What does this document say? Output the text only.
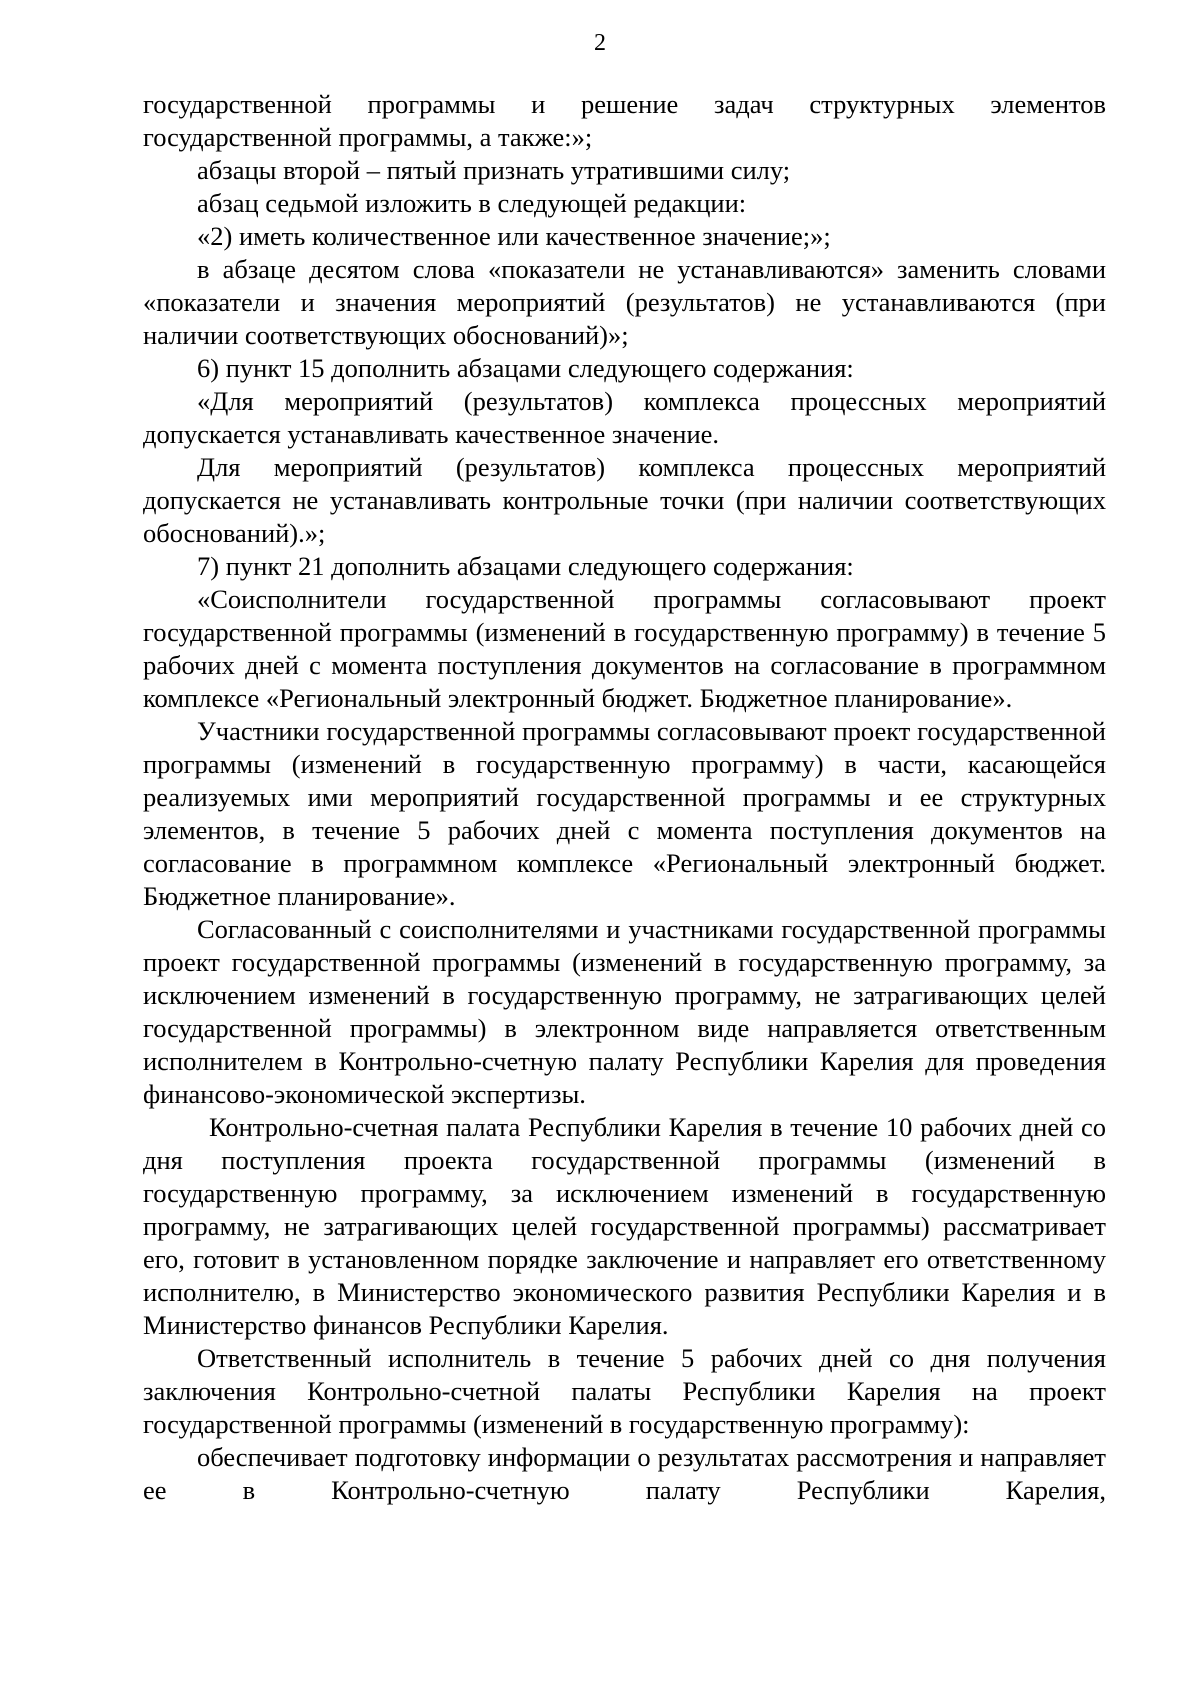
2

государственной программы и решение задач структурных элементов государственной программы, а также:»;

абзацы второй – пятый признать утратившими силу;

абзац седьмой изложить в следующей редакции:

«2) иметь количественное или качественное значение;»;

в абзаце десятом слова «показатели не устанавливаются» заменить словами «показатели и значения мероприятий (результатов) не устанавливаются (при наличии соответствующих обоснований)»;

6) пункт 15 дополнить абзацами следующего содержания:

«Для мероприятий (результатов) комплекса процессных мероприятий допускается устанавливать качественное значение.

Для мероприятий (результатов) комплекса процессных мероприятий допускается не устанавливать контрольные точки (при наличии соответствующих обоснований).»;

7) пункт 21 дополнить абзацами следующего содержания:

«Соисполнители государственной программы согласовывают проект государственной программы (изменений в государственную программу) в течение 5 рабочих дней с момента поступления документов на согласование в программном комплексе «Региональный электронный бюджет. Бюджетное планирование».

Участники государственной программы согласовывают проект государственной программы (изменений в государственную программу) в части, касающейся реализуемых ими мероприятий государственной программы и ее структурных элементов, в течение 5 рабочих дней с момента поступления документов на согласование в программном комплексе «Региональный электронный бюджет. Бюджетное планирование».

Согласованный с соисполнителями и участниками государственной программы проект государственной программы (изменений в государственную программу, за исключением изменений в государственную программу, не затрагивающих целей государственной программы) в электронном виде направляется ответственным исполнителем в Контрольно-счетную палату Республики Карелия для проведения финансово-экономической экспертизы.

Контрольно-счетная палата Республики Карелия в течение 10 рабочих дней со дня поступления проекта государственной программы (изменений в государственную программу, за исключением изменений в государственную программу, не затрагивающих целей государственной программы) рассматривает его, готовит в установленном порядке заключение и направляет его ответственному исполнителю, в Министерство экономического развития Республики Карелия и в Министерство финансов Республики Карелия.

Ответственный исполнитель в течение 5 рабочих дней со дня получения заключения Контрольно-счетной палаты Республики Карелия на проект государственной программы (изменений в государственную программу):

обеспечивает подготовку информации о результатах рассмотрения и направляет ее в Контрольно-счетную палату Республики Карелия,
